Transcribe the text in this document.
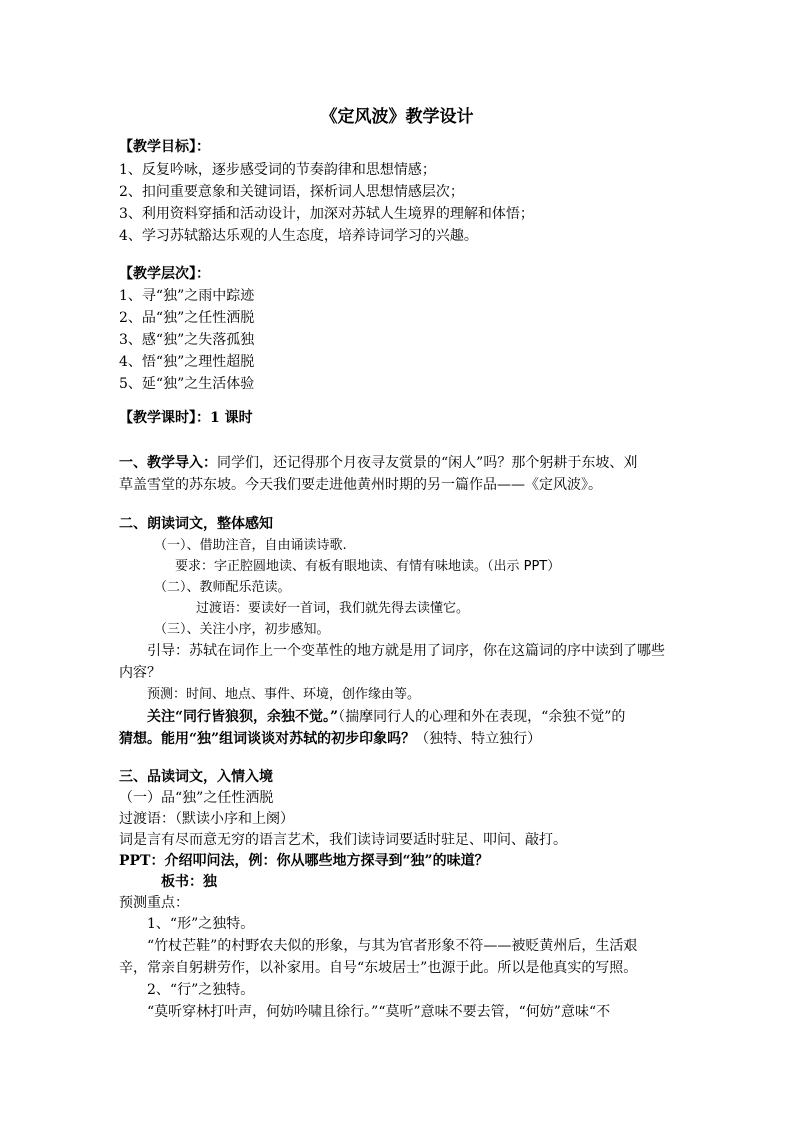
《定风波》教学设计
【教学目标】：
1、反复吟咏，逐步感受词的节奏韵律和思想情感；
2、扣问重要意象和关键词语，探析词人思想情感层次；
3、利用资料穿插和活动设计，加深对苏轼人生境界的理解和体悟；
4、学习苏轼豁达乐观的人生态度，培养诗词学习的兴趣。
【教学层次】：
1、寻“独”之雨中踪迹
2、品“独”之任性洒脱
3、感“独”之失落孤独
4、悟“独”之理性超脱
5、延“独”之生活体验
【教学课时】：1 课时
一、教学导入：同学们，还记得那个月夜寻友赏景的“闲人”吗？那个躬耕于东坡、刈
草盖雪堂的苏东坡。今天我们要走进他黄州时期的另一篇作品——《定风波》。
二、朗读词文，整体感知
（一）、借助注音，自由诵读诗歌.
要求：字正腔圆地读、有板有眼地读、有情有味地读。（出示 PPT）
（二）、教师配乐范读。
过渡语：要读好一首词，我们就先得去读懂它。
（三）、关注小序，初步感知。
引导：苏轼在词作上一个变革性的地方就是用了词序，你在这篇词的序中读到了哪些
内容？
预测：时间、地点、事件、环境，创作缘由等。
关注“同行皆狼狈，余独不觉。”（揣摩同行人的心理和外在表现，“余独不觉”的
猜想。能用“独”组词谈谈对苏轼的初步印象吗？（独特、特立独行）
三、品读词文，入情入境
（一）品“独”之任性洒脱
过渡语：（默读小序和上阕）
词是言有尽而意无穷的语言艺术，我们读诗词要适时驻足、叩问、敲打。
PPT：介绍叩问法，例：你从哪些地方探寻到“独”的味道？
板书：独
预测重点：
1、“形”之独特。
“竹杖芒鞋”的村野农夫似的形象，与其为官者形象不符——被贬黄州后，生活艰
辛，常亲自躬耕劳作，以补家用。自号“东坡居士”也源于此。所以是他真实的写照。
2、“行”之独特。
“莫听穿林打叶声，何妨吟啸且徐行。”“莫听”意味不要去管，“何妨”意味“不
